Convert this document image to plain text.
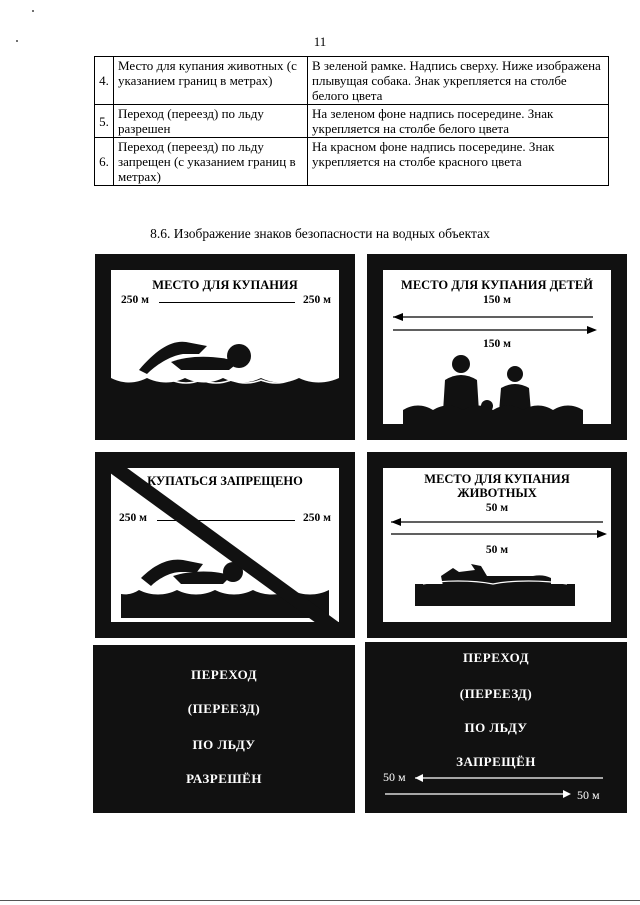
11
4.	Место для купания животных (с указанием границ в метрах)	В зеленой рамке. Надпись сверху. Ниже изображена плывущая собака. Знак укрепляется на столбе белого цвета
5.	Переход (переезд) по льду разрешен	На зеленом фоне надпись посередине. Знак укрепляется на столбе белого цвета
6.	Переход (переезд) по льду запрещен (с указанием границ в метрах)	На красном фоне надпись посередине. Знак укрепляется на столбе красного цвета
8.6. Изображение знаков безопасности на водных объектах
МЕСТО ДЛЯ КУПАНИЯ
250 м	250 м
МЕСТО ДЛЯ КУПАНИЯ ДЕТЕЙ
150 м
150 м
КУПАТЬСЯ ЗАПРЕЩЕНО
250 м	250 м
МЕСТО ДЛЯ КУПАНИЯ
ЖИВОТНЫХ
50 м
50 м
ПЕРЕХОД
(ПЕРЕЕЗД)
ПО ЛЬДУ
РАЗРЕШЁН
ПЕРЕХОД
(ПЕРЕЕЗД)
ПО ЛЬДУ
ЗАПРЕЩЁН
50 м
50 м
